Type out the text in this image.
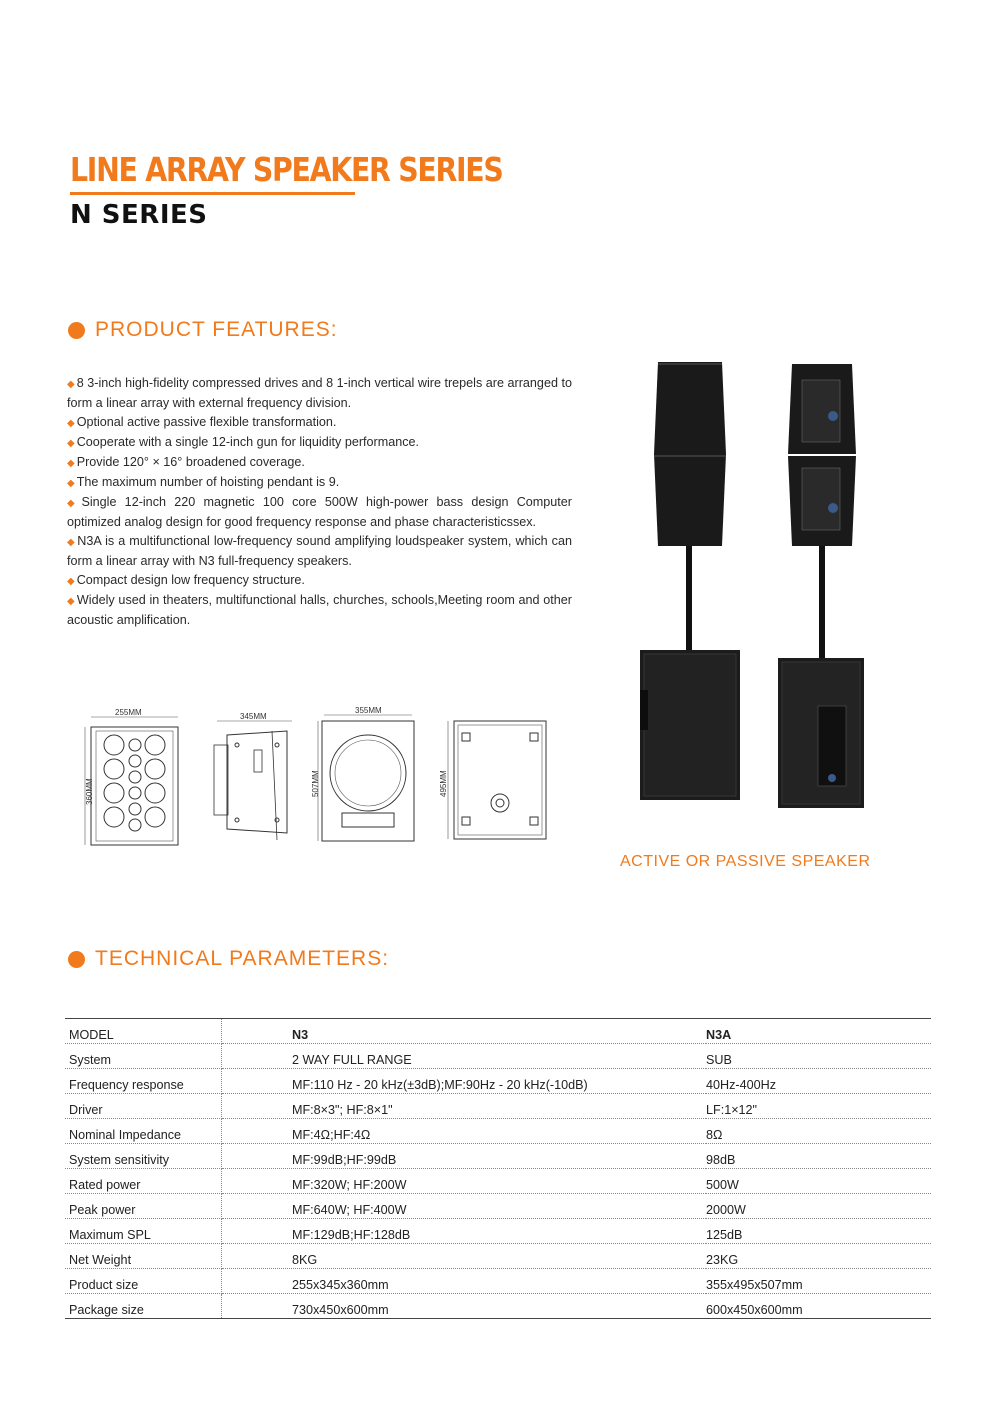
LINE ARRAY SPEAKER SERIES
N SERIES
PRODUCT FEATURES:

◆ 8 3-inch high-fidelity compressed drives and 8 1-inch vertical wire trepels are arranged to form a linear array with external frequency division.

◆ Optional active passive flexible transformation.

◆ Cooperate with a single 12-inch gun for liquidity performance.

◆ Provide 120° × 16° broadened coverage.

◆ The maximum number of hoisting pendant is 9.

◆ Single 12-inch 220 magnetic 100 core 500W high-power bass design Computer optimized analog design for good frequency response and phase characteristicssex.

◆ N3A is a multifunctional low-frequency sound amplifying loudspeaker system, which can form a linear array with N3 full-frequency speakers.

◆ Compact design low frequency structure.

◆ Widely used in theaters, multifunctional halls, churches, schools,Meeting room and other acoustic amplification.

255MM
360MM
345MM
355MM
507MM	495MM
ACTIVE OR PASSIVE SPEAKER
TECHNICAL PARAMETERS:
MODEL	N3	N3A
System	2 WAY FULL RANGE	SUB
Frequency response	MF:110 Hz - 20 kHz(±3dB);MF:90Hz - 20 kHz(-10dB)	40Hz-400Hz
Driver	MF:8×3"; HF:8×1"	LF:1×12"
Nominal Impedance	MF:4Ω;HF:4Ω	8Ω
System sensitivity	MF:99dB;HF:99dB	98dB
Rated power	MF:320W; HF:200W	500W
Peak power	MF:640W; HF:400W	2000W
Maximum SPL	MF:129dB;HF:128dB	125dB
Net Weight	8KG	23KG
Product size	255x345x360mm	355x495x507mm
Package size	730x450x600mm	600x450x600mm
